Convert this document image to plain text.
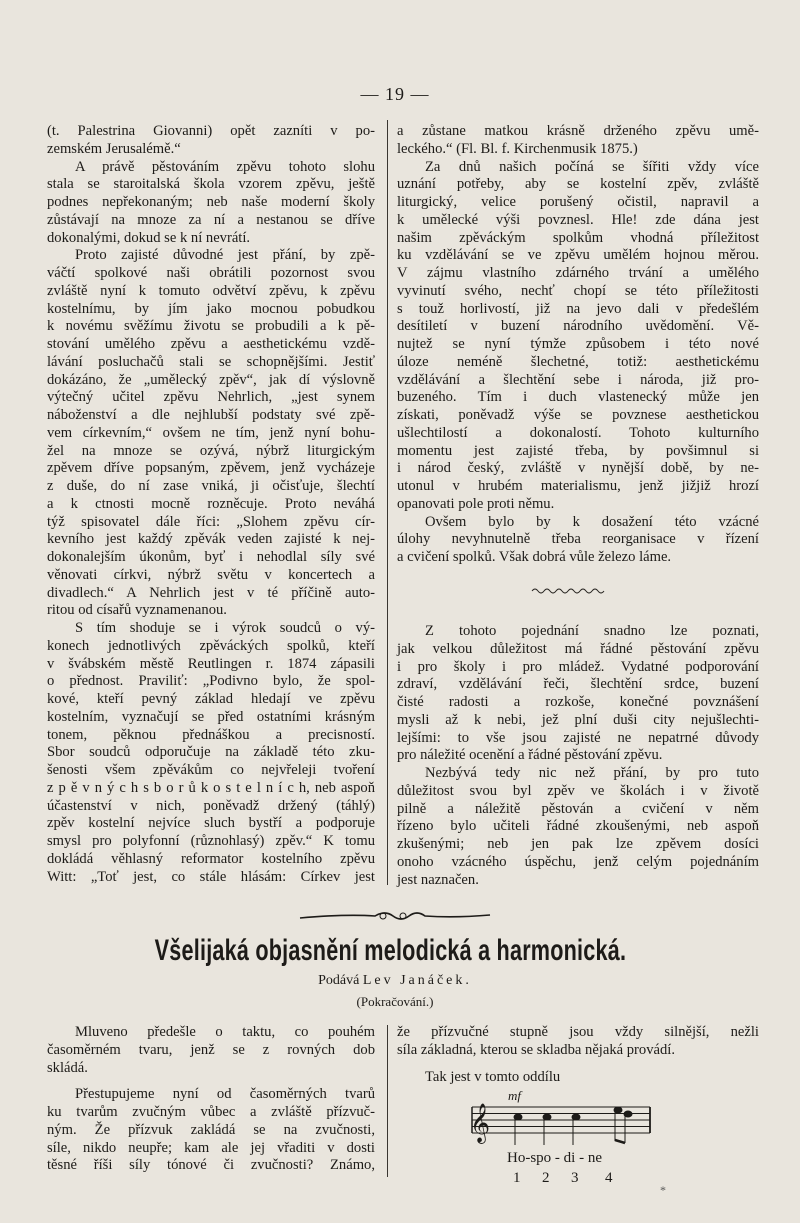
— 19 —
(t. Palestrina Giovanni) opět zazníti v po-
zemském Jerusalémě.“
A právě pěstováním zpěvu tohoto slohu
stala se staroitalská škola vzorem zpěvu, ještě
podnes nepřekonaným; neb naše moderní školy
zůstávají na mnoze za ní a nestanou se dříve
dokonalými, dokud se k ní nevrátí.
Proto zajisté důvodné jest přání, by zpě-
váčtí spolkové naši obrátili pozornost svou
zvláště nyní k tomuto odvětví zpěvu, k zpěvu
kostelnímu, by jím jako mocnou pobudkou
k novému svěžímu životu se probudili a k pě-
stování umělého zpěvu a aesthetickému vzdě-
lávání posluchačů stali se schopnějšími. Jestiť
dokázáno, že „umělecký zpěv“, jak dí výslovně
výtečný učitel zpěvu Nehrlich, „jest synem
náboženství a dle nejhlubší podstaty své zpě-
vem církevním,“ ovšem ne tím, jenž nyní bohu-
žel na mnoze se ozývá, nýbrž liturgickým
zpěvem dříve popsaným, zpěvem, jenž vycházeje
z duše, do ní zase vniká, ji očisťuje, šlechtí
a k ctnosti mocně rozněcuje. Proto neváhá
týž spisovatel dále říci: „Slohem zpěvu cír-
kevního jest každý zpěvák veden zajisté k nej-
dokonalejším úkonům, byť i nehodlal síly své
věnovati církvi, nýbrž světu v koncertech a
divadlech.“ A Nehrlich jest v té příčině auto-
ritou od císařů vyznamenanou.
S tím shoduje se i výrok soudců o vý-
konech jednotlivých zpěváckých spolků, kteří
v švábském městě Reutlingen r. 1874 zápasili
o přednost. Praviliť: „Podivno bylo, že spol-
kové, kteří pevný základ hledají ve zpěvu
kostelním, vyznačují se před ostatními krásným
tonem, pěknou přednáškou a precisností.
Sbor soudců odporučuje na základě této zku-
šenosti všem zpěvákům co nejvřeleji tvoření
z p ě v n ý c h s b o r ů k o s t e l n í c h, neb aspoň
účastenství v nich, poněvadž držený (táhlý)
zpěv kostelní nejvíce sluch bystří a podporuje
smysl pro polyfonní (různohlasý) zpěv.“ K tomu
dokládá věhlasný reformator kostelního zpěvu
Witt: „Toť jest, co stále hlásám: Církev jest
a zůstane matkou krásně drženého zpěvu umě-
leckého.“ (Fl. Bl. f. Kirchenmusik 1875.)
Za dnů našich počíná se šířiti vždy více
uznání potřeby, aby se kostelní zpěv, zvláště
liturgický, velice porušený očistil, napravil a
k umělecké výši povznesl. Hle! zde dána jest
našim zpěváckým spolkům vhodná příležitost
ku vzdělávání se ve zpěvu umělém hojnou měrou.
V zájmu vlastního zdárného trvání a umělého
vyvinutí svého, nechť chopí se této příležitosti
s touž horlivostí, již na jevo dali v předešlém
desítiletí v buzení národního uvědomění. Vě-
nujtež se nyní týmže způsobem i této nové
úloze neméně šlechetné, totiž: aesthetickému
vzdělávání a šlechtění sebe i národa, již pro-
buzeného. Tím i duch vlastenecký může jen
získati, poněvadž výše se povznese aesthetickou
ušlechtilostí a dokonalostí. Tohoto kulturního
momentu jest zajisté třeba, by povšimnul si
i národ český, zvláště v nynější době, by ne-
utonul v hrubém materialismu, jenž jižjiž hrozí
opanovati pole proti němu.
Ovšem bylo by k dosažení této vzácné
úlohy nevyhnutelně třeba reorganisace v řízení
a cvičení spolků. Však dobrá vůle železo láme.
Z tohoto pojednání snadno lze poznati,
jak velkou důležitost má řádné pěstování zpěvu
i pro školy i pro mládež. Vydatné podporování
zdraví, vzdělávání řeči, šlechtění srdce, buzení
čisté radosti a rozkoše, konečné povznášení
mysli až k nebi, jež plní duši city nejušlechti-
lejšími: to vše jsou zajisté ne nepatrné důvody
pro náležité ocenění a řádné pěstování zpěvu.
Nezbývá tedy nic než přání, by pro tuto
důležitost svou byl zpěv ve školách i v životě
pilně a náležitě pěstován a cvičení v něm
řízeno bylo učiteli řádné zkoušenými, neb aspoň
zkušenými; neb jen pak lze zpěvem dosíci
onoho vzácného úspěchu, jenž celým pojednáním
jest naznačen.
Všelijaká objasnění melodická a harmonická.
Podává Lev Janáček.
(Pokračování.)
Mluveno předešle o taktu, co pouhém
časoměrném tvaru, jenž se z rovných dob
skládá.
Přestupujeme nyní od časoměrných tvarů
ku tvarům zvučným vůbec a zvláště přízvuč-
ným. Že přízvuk zakládá se na zvučnosti,
síle, nikdo neupře; kam ale jej vřaditi v dosti
těsné říši síly tónové či zvučnosti? Známo,
že přízvučné stupně jsou vždy silnější, nežli
síla základná, kterou se skladba nějaká provádí.
Tak jest v tomto oddílu
mf
𝄞
Ho-spo - di - ne
1 2 3 4
*
